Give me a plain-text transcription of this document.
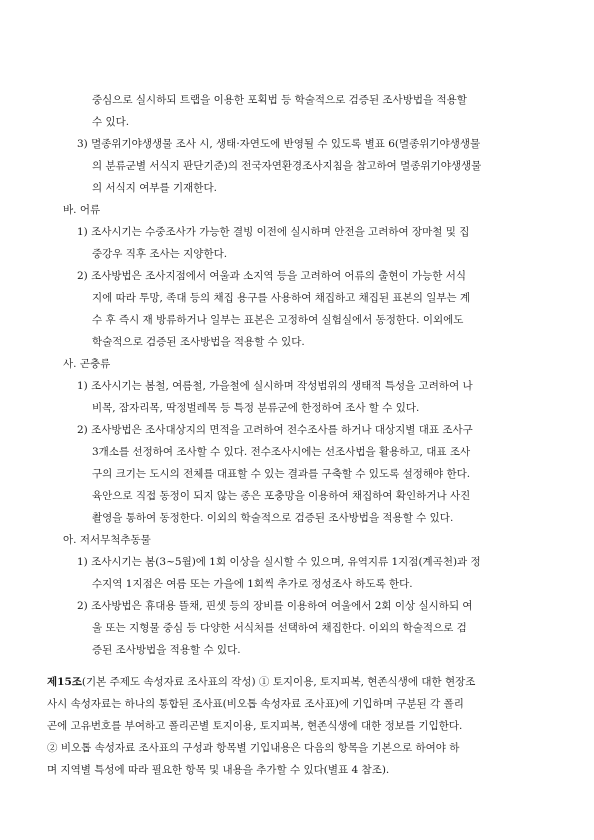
중심으로 실시하되 트랩을 이용한 포획법 등 학술적으로 검증된 조사방법을 적용할
수 있다.
3) 멸종위기야생생물 조사 시, 생태·자연도에 반영될 수 있도록 별표 6(멸종위기야생생물
의 분류군별 서식지 판단기준)의 전국자연환경조사지침을 참고하여 멸종위기야생생물
의 서식지 여부를 기재한다.
바. 어류
1) 조사시기는 수중조사가 가능한 결빙 이전에 실시하며 안전을 고려하여 장마철 및 집
중강우 직후 조사는 지양한다.
2) 조사방법은 조사지점에서 여울과 소지역 등을 고려하여 어류의 출현이 가능한 서식
지에 따라 투망, 족대 등의 채집 용구를 사용하여 채집하고 채집된 표본의 일부는 계
수 후 즉시 재 방류하거나 일부는 표본은 고정하여 실험실에서 동정한다. 이외에도
학술적으로 검증된 조사방법을 적용할 수 있다.
사. 곤충류
1) 조사시기는 봄철, 여름철, 가을철에 실시하며 작성범위의 생태적 특성을 고려하여 나
비목, 잠자리목, 딱정벌레목 등 특정 분류군에 한정하여 조사 할 수 있다.
2) 조사방법은 조사대상지의 면적을 고려하여 전수조사를 하거나 대상지별 대표 조사구
3개소를 선정하여 조사할 수 있다. 전수조사시에는 선조사법을 활용하고, 대표 조사
구의 크기는 도시의 전체를 대표할 수 있는 결과를 구축할 수 있도록 설정해야 한다.
육안으로 직접 동정이 되지 않는 종은 포충망을 이용하여 채집하여 확인하거나 사진
촬영을 통하여 동정한다. 이외의 학술적으로 검증된 조사방법을 적용할 수 있다.
아. 저서무척추동물
1) 조사시기는 봄(3~5월)에 1회 이상을 실시할 수 있으며, 유역지류 1지점(계곡천)과 정
수지역 1지점은 여름 또는 가을에 1회씩 추가로 정성조사 하도록 한다.
2) 조사방법은 휴대용 뜰채, 핀셋 등의 장비를 이용하여 여울에서 2회 이상 실시하되 여
울 또는 지형물 중심 등 다양한 서식처를 선택하여 채집한다. 이외의 학술적으로 검
증된 조사방법을 적용할 수 있다.
제15조(기본 주제도 속성자료 조사표의 작성) ① 토지이용, 토지피복, 현존식생에 대한 현장조
사시 속성자료는 하나의 통합된 조사표(비오톱 속성자료 조사표)에 기입하며 구분된 각 폴리
곤에 고유번호를 부여하고 폴리곤별 토지이용, 토지피복, 현존식생에 대한 정보를 기입한다.
② 비오톱 속성자료 조사표의 구성과 항목별 기입내용은 다음의 항목을 기본으로 하여야 하
며 지역별 특성에 따라 필요한 항목 및 내용을 추가할 수 있다(별표 4 참조).
